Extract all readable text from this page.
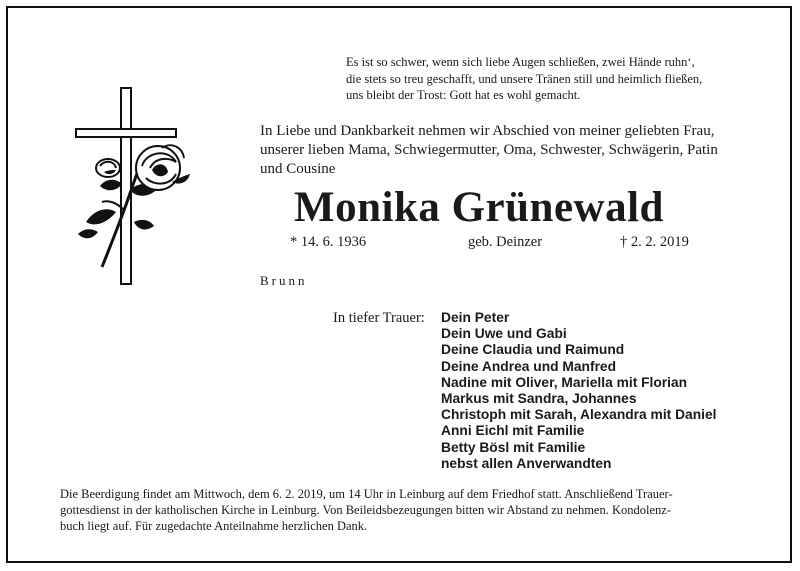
Es ist so schwer, wenn sich liebe Augen schließen, zwei Hände ruhn‘,
die stets so treu geschafft, und unsere Tränen still und heimlich fließen,
uns bleibt der Trost: Gott hat es wohl gemacht.
In Liebe und Dankbarkeit nehmen wir Abschied von meiner geliebten Frau,
unserer lieben Mama, Schwiegermutter, Oma, Schwester, Schwägerin, Patin
und Cousine
Monika Grünewald
* 14. 6. 1936	geb. Deinzer	† 2. 2. 2019
Brunn
In tiefer Trauer: Dein Peter
Dein Uwe und Gabi
Deine Claudia und Raimund
Deine Andrea und Manfred
Nadine mit Oliver, Mariella mit Florian
Markus mit Sandra, Johannes
Christoph mit Sarah, Alexandra mit Daniel
Anni Eichl mit Familie
Betty Bösl mit Familie
nebst allen Anverwandten
Die Beerdigung findet am Mittwoch, dem 6. 2. 2019, um 14 Uhr in Leinburg auf dem Friedhof statt. Anschließend Trauer-
gottesdienst in der katholischen Kirche in Leinburg. Von Beileidsbezeugungen bitten wir Abstand zu nehmen. Kondolenz-
buch liegt auf. Für zugedachte Anteilnahme herzlichen Dank.
